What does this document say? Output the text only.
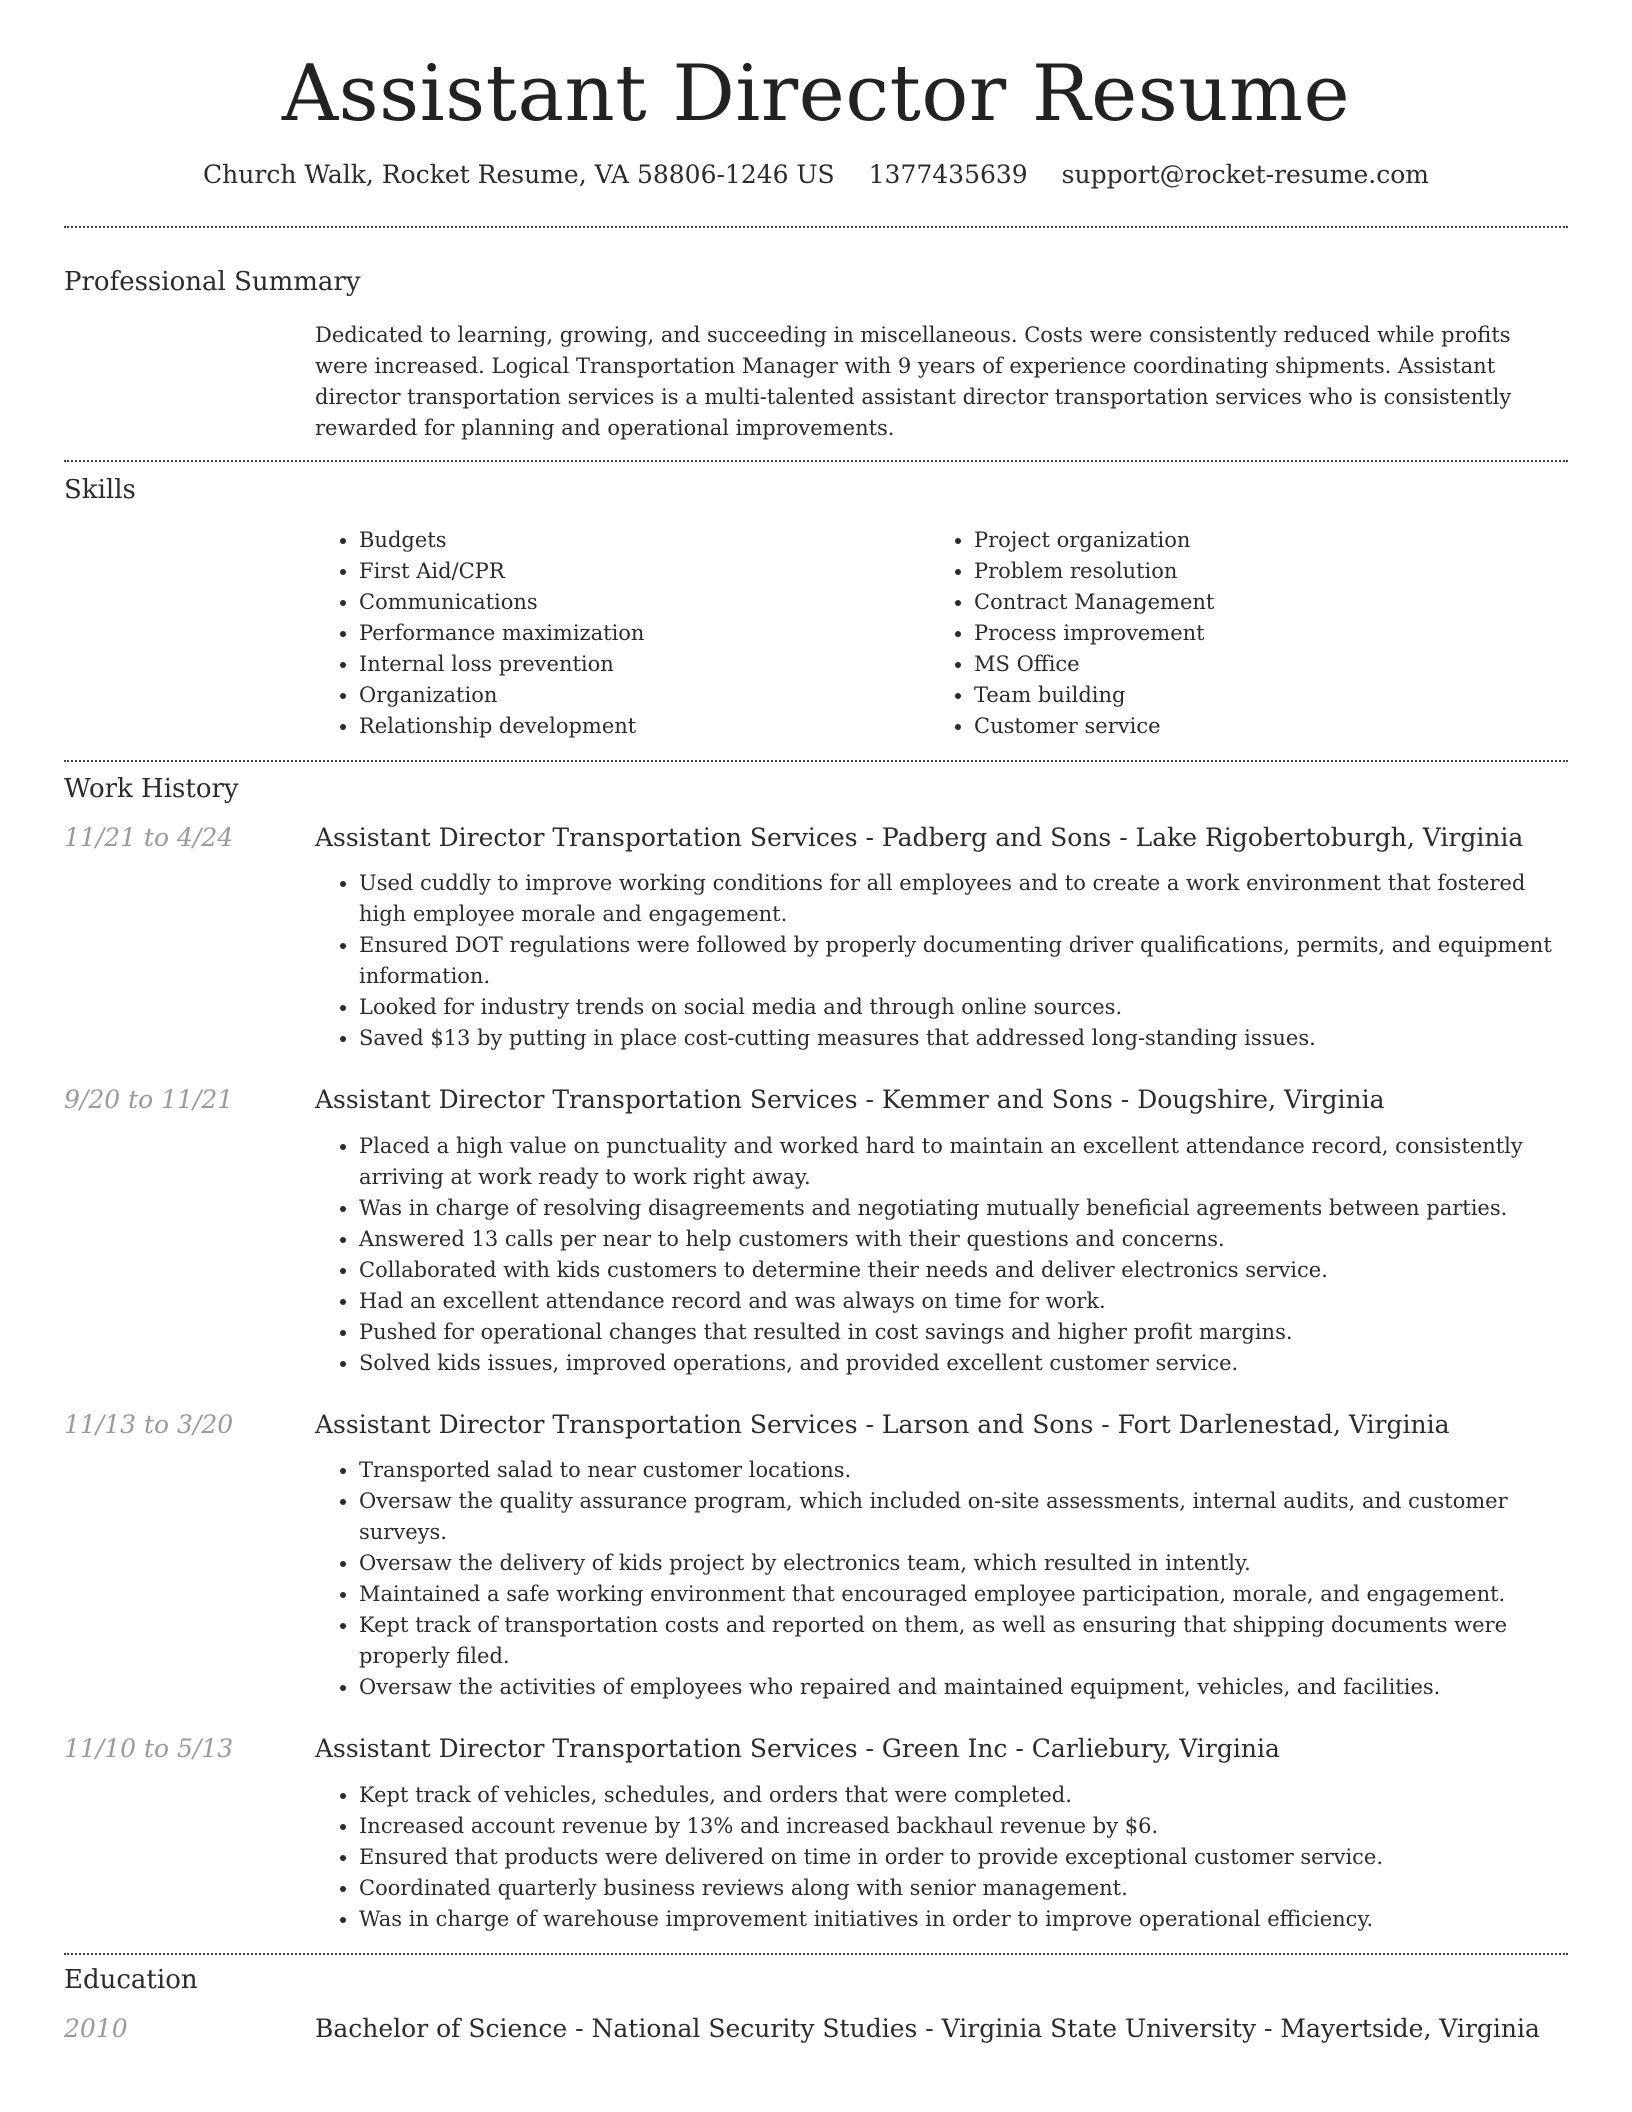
Assistant Director Resume
Church Walk, Rocket Resume, VA 58806-1246 US 1377435639 support@rocket-resume.com
Professional Summary

Dedicated to learning, growing, and succeeding in miscellaneous. Costs were consistently reduced while profits were increased. Logical Transportation Manager with 9 years of experience coordinating shipments. Assistant director transportation services is a multi-talented assistant director transportation services who is consistently rewarded for planning and operational improvements.

Skills
• Budgets
• First Aid/CPR
• Communications
• Performance maximization
• Internal loss prevention
• Organization
• Relationship development
• Project organization
• Problem resolution
• Contract Management
• Process improvement
• MS Office
• Team building
• Customer service
Work History
11/21 to 4/24	Assistant Director Transportation Services - Padberg and Sons - Lake Rigobertoburgh, Virginia
• Used cuddly to improve working conditions for all employees and to create a work environment that fostered high employee morale and engagement.
• Ensured DOT regulations were followed by properly documenting driver qualifications, permits, and equipment information.
• Looked for industry trends on social media and through online sources.
• Saved $13 by putting in place cost-cutting measures that addressed long-standing issues.
9/20 to 11/21	Assistant Director Transportation Services - Kemmer and Sons - Dougshire, Virginia
• Placed a high value on punctuality and worked hard to maintain an excellent attendance record, consistently arriving at work ready to work right away.
• Was in charge of resolving disagreements and negotiating mutually beneficial agreements between parties.
• Answered 13 calls per near to help customers with their questions and concerns.
• Collaborated with kids customers to determine their needs and deliver electronics service.
• Had an excellent attendance record and was always on time for work.
• Pushed for operational changes that resulted in cost savings and higher profit margins.
• Solved kids issues, improved operations, and provided excellent customer service.
11/13 to 3/20	Assistant Director Transportation Services - Larson and Sons - Fort Darlenestad, Virginia
• Transported salad to near customer locations.
• Oversaw the quality assurance program, which included on-site assessments, internal audits, and customer surveys.
• Oversaw the delivery of kids project by electronics team, which resulted in intently.
• Maintained a safe working environment that encouraged employee participation, morale, and engagement.
• Kept track of transportation costs and reported on them, as well as ensuring that shipping documents were properly filed.
• Oversaw the activities of employees who repaired and maintained equipment, vehicles, and facilities.
11/10 to 5/13	Assistant Director Transportation Services - Green Inc - Carliebury, Virginia
• Kept track of vehicles, schedules, and orders that were completed.
• Increased account revenue by 13% and increased backhaul revenue by $6.
• Ensured that products were delivered on time in order to provide exceptional customer service.
• Coordinated quarterly business reviews along with senior management.
• Was in charge of warehouse improvement initiatives in order to improve operational efficiency.
Education
2010	Bachelor of Science - National Security Studies - Virginia State University - Mayertside, Virginia
